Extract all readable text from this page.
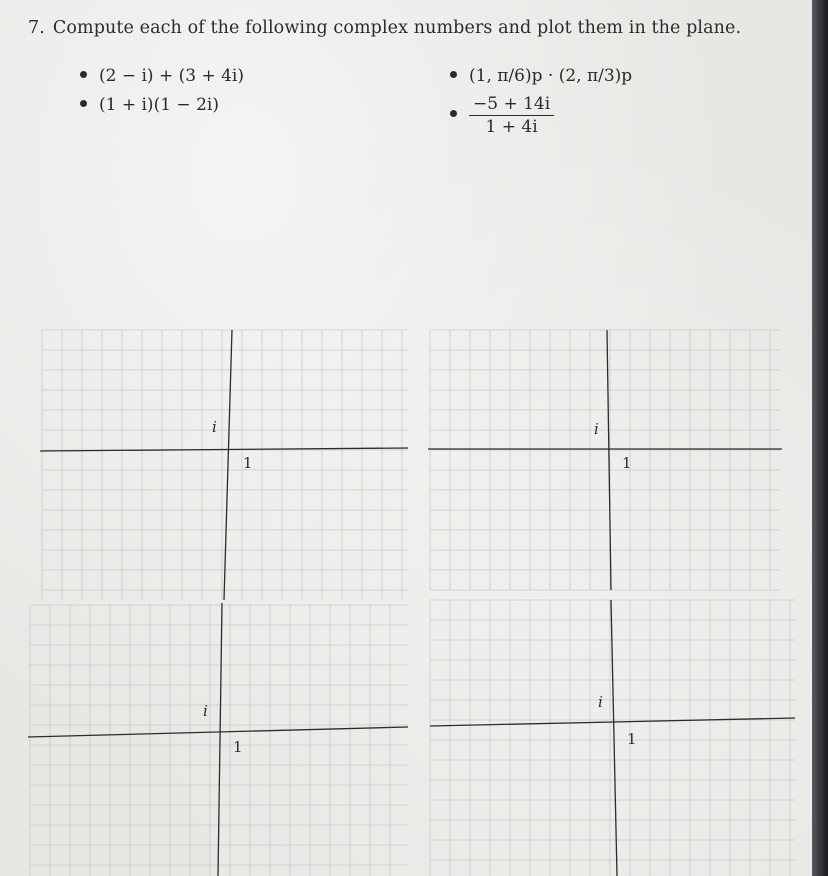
7. Compute each of the following complex numbers and plot them in the plane.
(2 − i) + (3 + 4i)
(1 + i)(1 − 2i)
(1, π/6)p · (2, π/3)p
$\frac{-5 + 14i}{1 + 4i}$
i
1
i
1
i
1
i
1
